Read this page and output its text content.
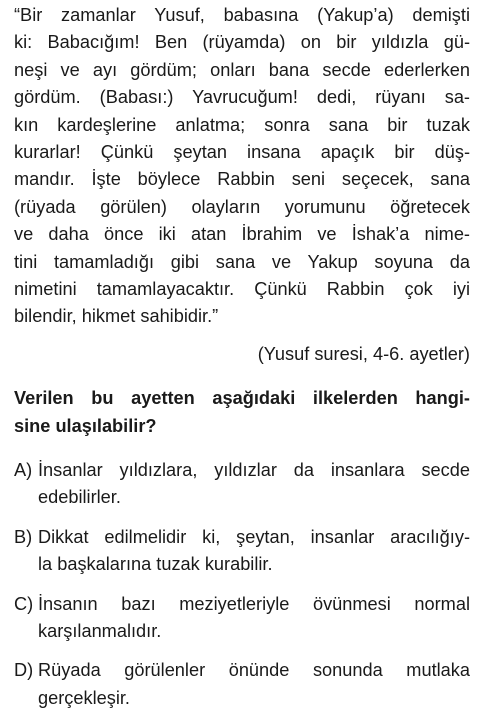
“Bir zamanlar Yusuf, babasına (Yakup’a) demişti
ki: Babacığım! Ben (rüyamda) on bir yıldızla gü-
neşi ve ayı gördüm; onları bana secde ederlerken
gördüm. (Babası:) Yavrucuğum! dedi, rüyanı sa-
kın kardeşlerine anlatma; sonra sana bir tuzak
kurarlar! Çünkü şeytan insana apaçık bir düş-
mandır. İşte böylece Rabbin seni seçecek, sana
(rüyada görülen) olayların yorumunu öğretecek
ve daha önce iki atan İbrahim ve İshak’a nime-
tini tamamladığı gibi sana ve Yakup soyuna da
nimetini tamamlayacaktır. Çünkü Rabbin çok iyi
bilendir, hikmet sahibidir.”
(Yusuf suresi, 4-6. ayetler)
Verilen bu ayetten aşağıdaki ilkelerden hangi-
sine ulaşılabilir?
A) İnsanlar yıldızlara, yıldızlar da insanlara secde
edebilirler.
B) Dikkat edilmelidir ki, şeytan, insanlar aracılığıy-
la başkalarına tuzak kurabilir.
C) İnsanın bazı meziyetleriyle övünmesi normal
karşılanmalıdır.
D) Rüyada görülenler önünde sonunda mutlaka
gerçekleşir.
